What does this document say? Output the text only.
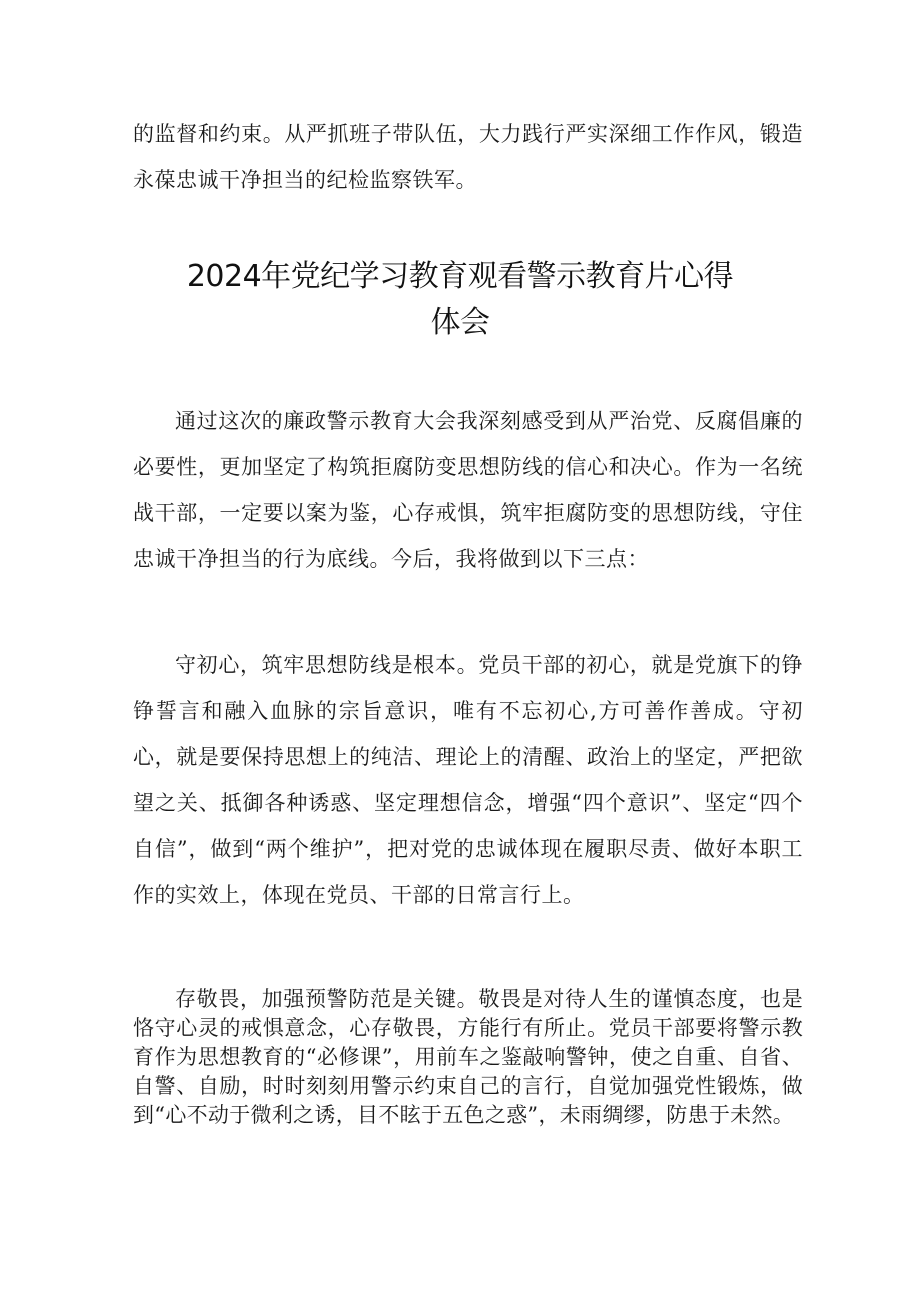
的监督和约束。从严抓班子带队伍，大力践行严实深细工作作风，锻造永葆忠诚干净担当的纪检监察铁军。

2024年党纪学习教育观看警示教育片心得
体会

通过这次的廉政警示教育大会我深刻感受到从严治党、反腐倡廉的必要性，更加坚定了构筑拒腐防变思想防线的信心和决心。作为一名统战干部，一定要以案为鉴，心存戒惧，筑牢拒腐防变的思想防线，守住忠诚干净担当的行为底线。今后，我将做到以下三点：

守初心，筑牢思想防线是根本。党员干部的初心，就是党旗下的铮铮誓言和融入血脉的宗旨意识，唯有不忘初心,方可善作善成。守初心，就是要保持思想上的纯洁、理论上的清醒、政治上的坚定，严把欲望之关、抵御各种诱惑、坚定理想信念，增强“四个意识”、坚定“四个自信”，做到“两个维护”，把对党的忠诚体现在履职尽责、做好本职工作的实效上，体现在党员、干部的日常言行上。

存敬畏，加强预警防范是关键。敬畏是对待人生的谨慎态度，也是恪守心灵的戒惧意念，心存敬畏，方能行有所止。党员干部要将警示教育作为思想教育的“必修课”，用前车之鉴敲响警钟，使之自重、自省、自警、自励，时时刻刻用警示约束自己的言行，自觉加强党性锻炼，做到“心不动于微利之诱，目不眩于五色之惑”，未雨绸缪，防患于未然。
